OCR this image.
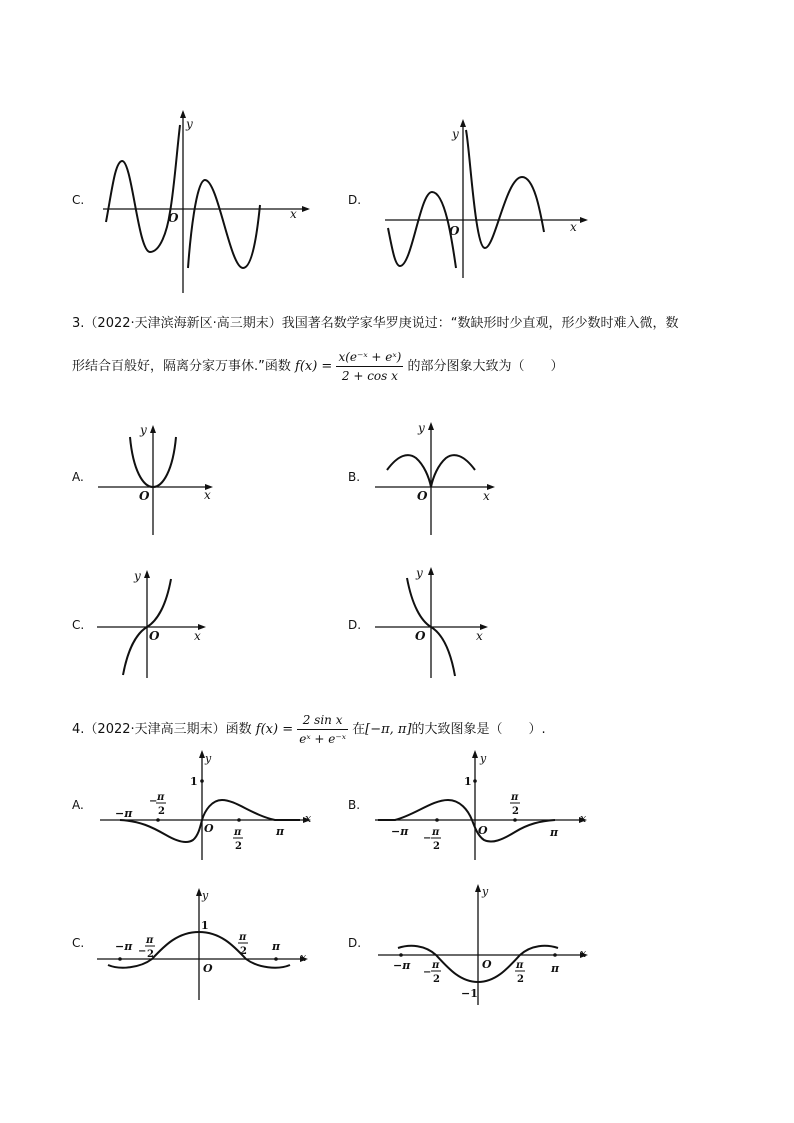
C.
y
x
O
D.
y
x
O
3.（2022·天津滨海新区·高三期末）我国著名数学家华罗庚说过：“数缺形时少直观，形少数时难入微，数
形结合百般好，隔离分家万事休.”函数 $f(x) = \frac{\text{x(e⁻ˣ + eˣ)}}{\text{2 + cos x}}$ 的部分图象大致为（　　）
A.
y
x
O
B.
y
x
O
C.
y
x
O
D.
y
x
O
4.（2022·天津高三期末）函数 $f(x) = \frac{\text{2 sin x}}{\text{eˣ + e⁻ˣ}}$ 在[−π, π]的大致图象是（　　）.
A.
y
x
O
1
−π
− π
2
π
2
π
B.
y
x
O
1
−π
−
π
2
π
2
π
C.
y
x
O
1
−π −
π
2
π
2 π	D.
y
x
O
−1
−π
−
π
2
π
2
π
